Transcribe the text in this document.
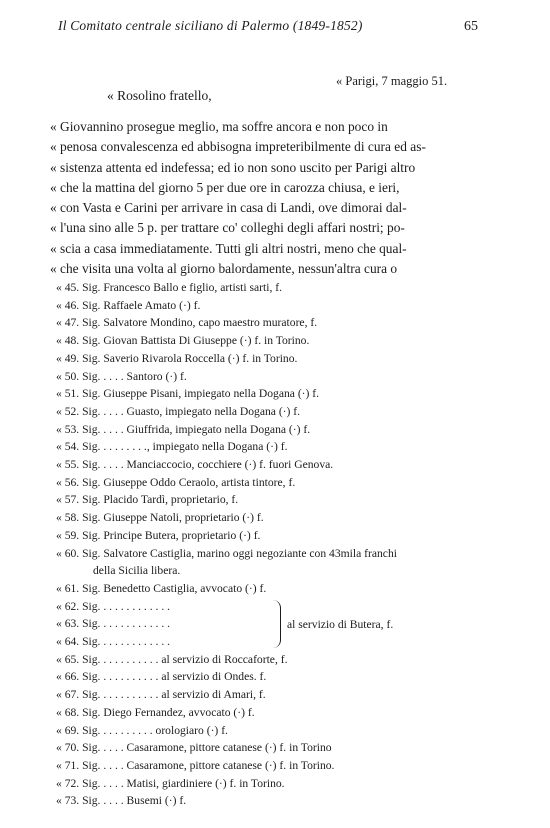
Il Comitato centrale siciliano di Palermo (1849-1852)	65
« Parigi, 7 maggio 51.
« Rosolino fratello,
« Giovannino prosegue meglio, ma soffre ancora e non poco in
« penosa convalescenza ed abbisogna impreteribilmente di cura ed as-
« sistenza attenta ed indefessa; ed io non sono uscito per Parigi altro
« che la mattina del giorno 5 per due ore in carozza chiusa, e ieri,
« con Vasta e Carini per arrivare in casa di Landi, ove dimorai dal-
« l'una sino alle 5 p. per trattare co' colleghi degli affari nostri; po-
« scia a casa immediatamente. Tutti gli altri nostri, meno che qual-
« che visita una volta al giorno balordamente, nessun'altra cura o
« 45. Sig. Francesco Ballo e figlio, artisti sarti, f.
« 46. Sig. Raffaele Amato (·) f.
« 47. Sig. Salvatore Mondino, capo maestro muratore, f.
« 48. Sig. Giovan Battista Di Giuseppe (·) f. in Torino.
« 49. Sig. Saverio Rivarola Roccella (·) f. in Torino.
« 50. Sig. . . . . Santoro (·) f.
« 51. Sig. Giuseppe Pisani, impiegato nella Dogana (·) f.
« 52. Sig. . . . . Guasto, impiegato nella Dogana (·) f.
« 53. Sig. . . . . Giuffrida, impiegato nella Dogana (·) f.
« 54. Sig. . . . . . . . ., impiegato nella Dogana (·) f.
« 55. Sig. . . . . Manciaccocio, cocchiere (·) f. fuori Genova.
« 56. Sig. Giuseppe Oddo Ceraolo, artista tintore, f.
« 57. Sig. Placido Tardì, proprietario, f.
« 58. Sig. Giuseppe Natoli, proprietario (·) f.
« 59. Sig. Principe Butera, proprietario (·) f.
« 60. Sig. Salvatore Castiglia, marino oggi negoziante con 43mila franchi
della Sicilia libera.
« 61. Sig. Benedetto Castiglia, avvocato (·) f.
« 62. Sig. . . . . . . . . . . . .
« 63. Sig. . . . . . . . . . . . .
« 64. Sig. . . . . . . . . . . . .
al servizio di Butera, f.
« 65. Sig. . . . . . . . . . . al servizio di Roccaforte, f.
« 66. Sig. . . . . . . . . . . al servizio di Ondes. f.
« 67. Sig. . . . . . . . . . . al servizio di Amari, f.
« 68. Sig. Diego Fernandez, avvocato (·) f.
« 69. Sig. . . . . . . . . . orologiaro (·) f.
« 70. Sig. . . . . Casaramone, pittore catanese (·) f. in Torino
« 71. Sig. . . . . Casaramone, pittore catanese (·) f. in Torino.
« 72. Sig. . . . . Matisi, giardiniere (·) f. in Torino.
« 73. Sig. . . . . Busemi (·) f.
